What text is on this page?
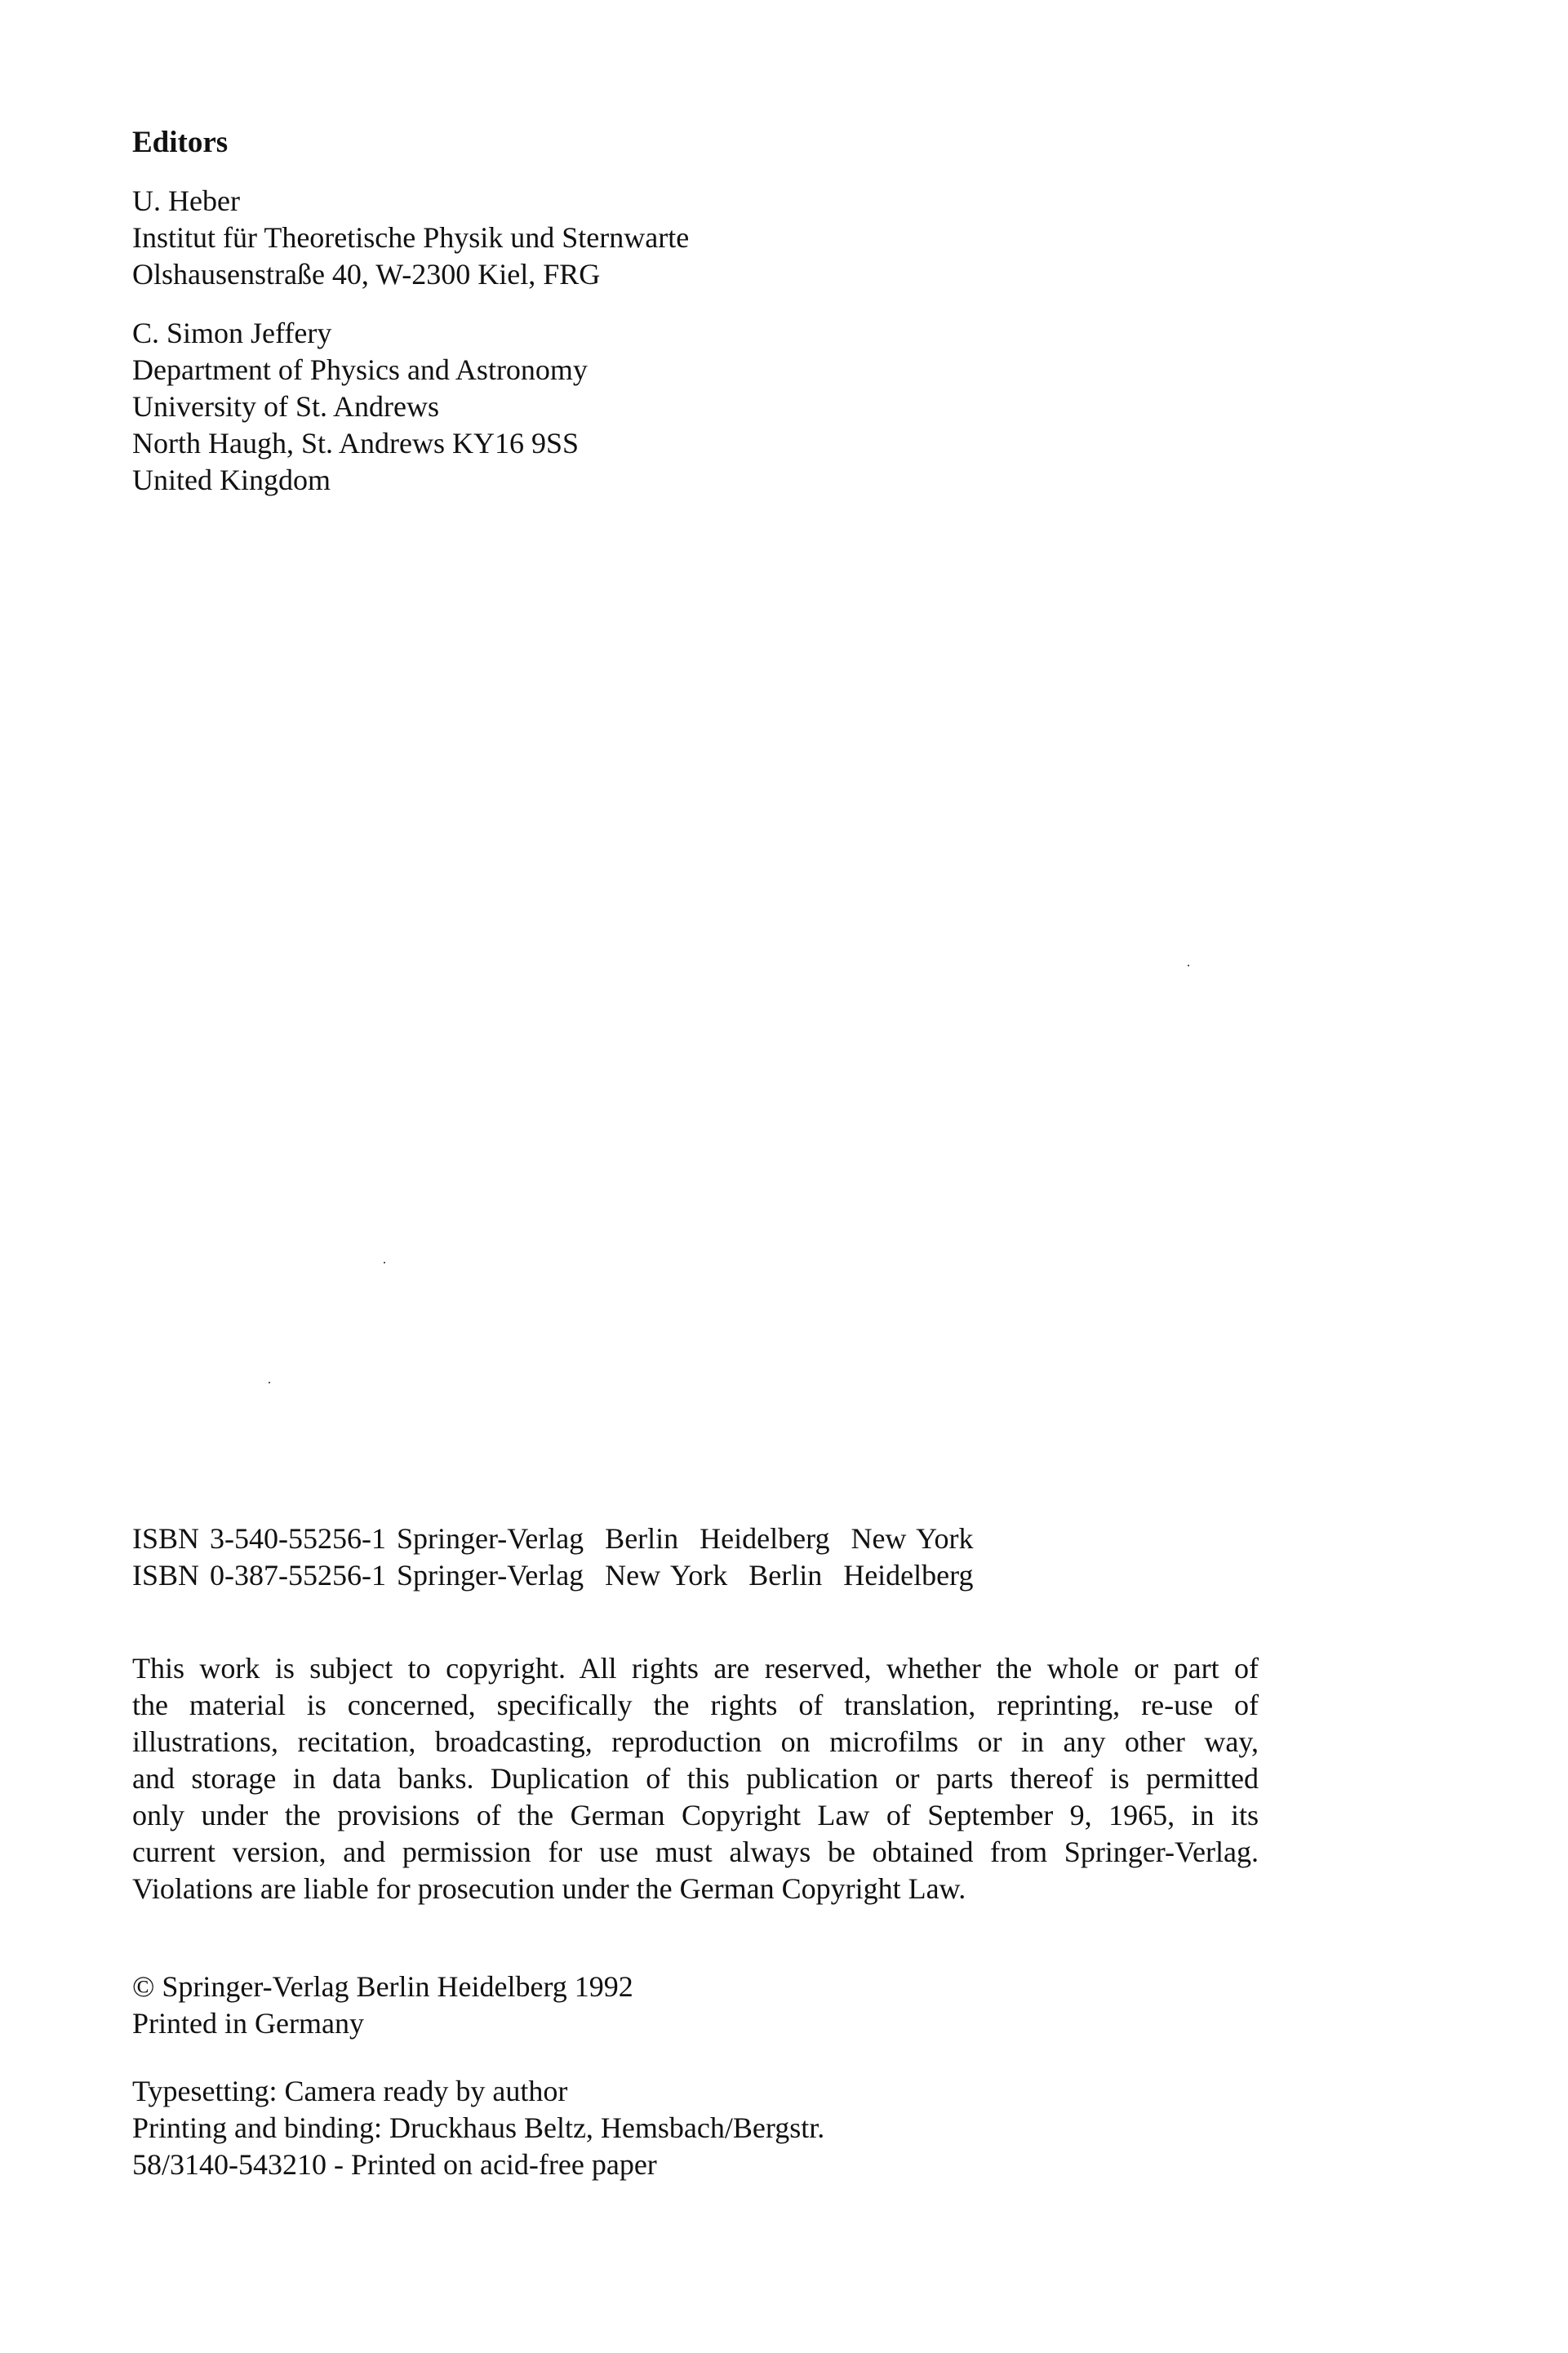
Editors
U. Heber
Institut für Theoretische Physik und Sternwarte
Olshausenstraße 40, W-2300 Kiel, FRG
C. Simon Jeffery
Department of Physics and Astronomy
University of St. Andrews
North Haugh, St. Andrews KY16 9SS
United Kingdom
ISBN 3-540-55256-1 Springer-Verlag  Berlin  Heidelberg  New York
ISBN 0-387-55256-1 Springer-Verlag  New York  Berlin  Heidelberg

This work is subject to copyright. All rights are reserved, whether the whole or part of

the material is concerned, specifically the rights of translation, reprinting, re-use of

illustrations, recitation, broadcasting, reproduction on microfilms or in any other way,

and storage in data banks. Duplication of this publication or parts thereof is permitted

only under the provisions of the German Copyright Law of September 9, 1965, in its

current version, and permission for use must always be obtained from Springer-Verlag.

Violations are liable for prosecution under the German Copyright Law.

© Springer-Verlag Berlin Heidelberg 1992
Printed in Germany
Typesetting: Camera ready by author
Printing and binding: Druckhaus Beltz, Hemsbach/Bergstr.
58/3140-543210 - Printed on acid-free paper
